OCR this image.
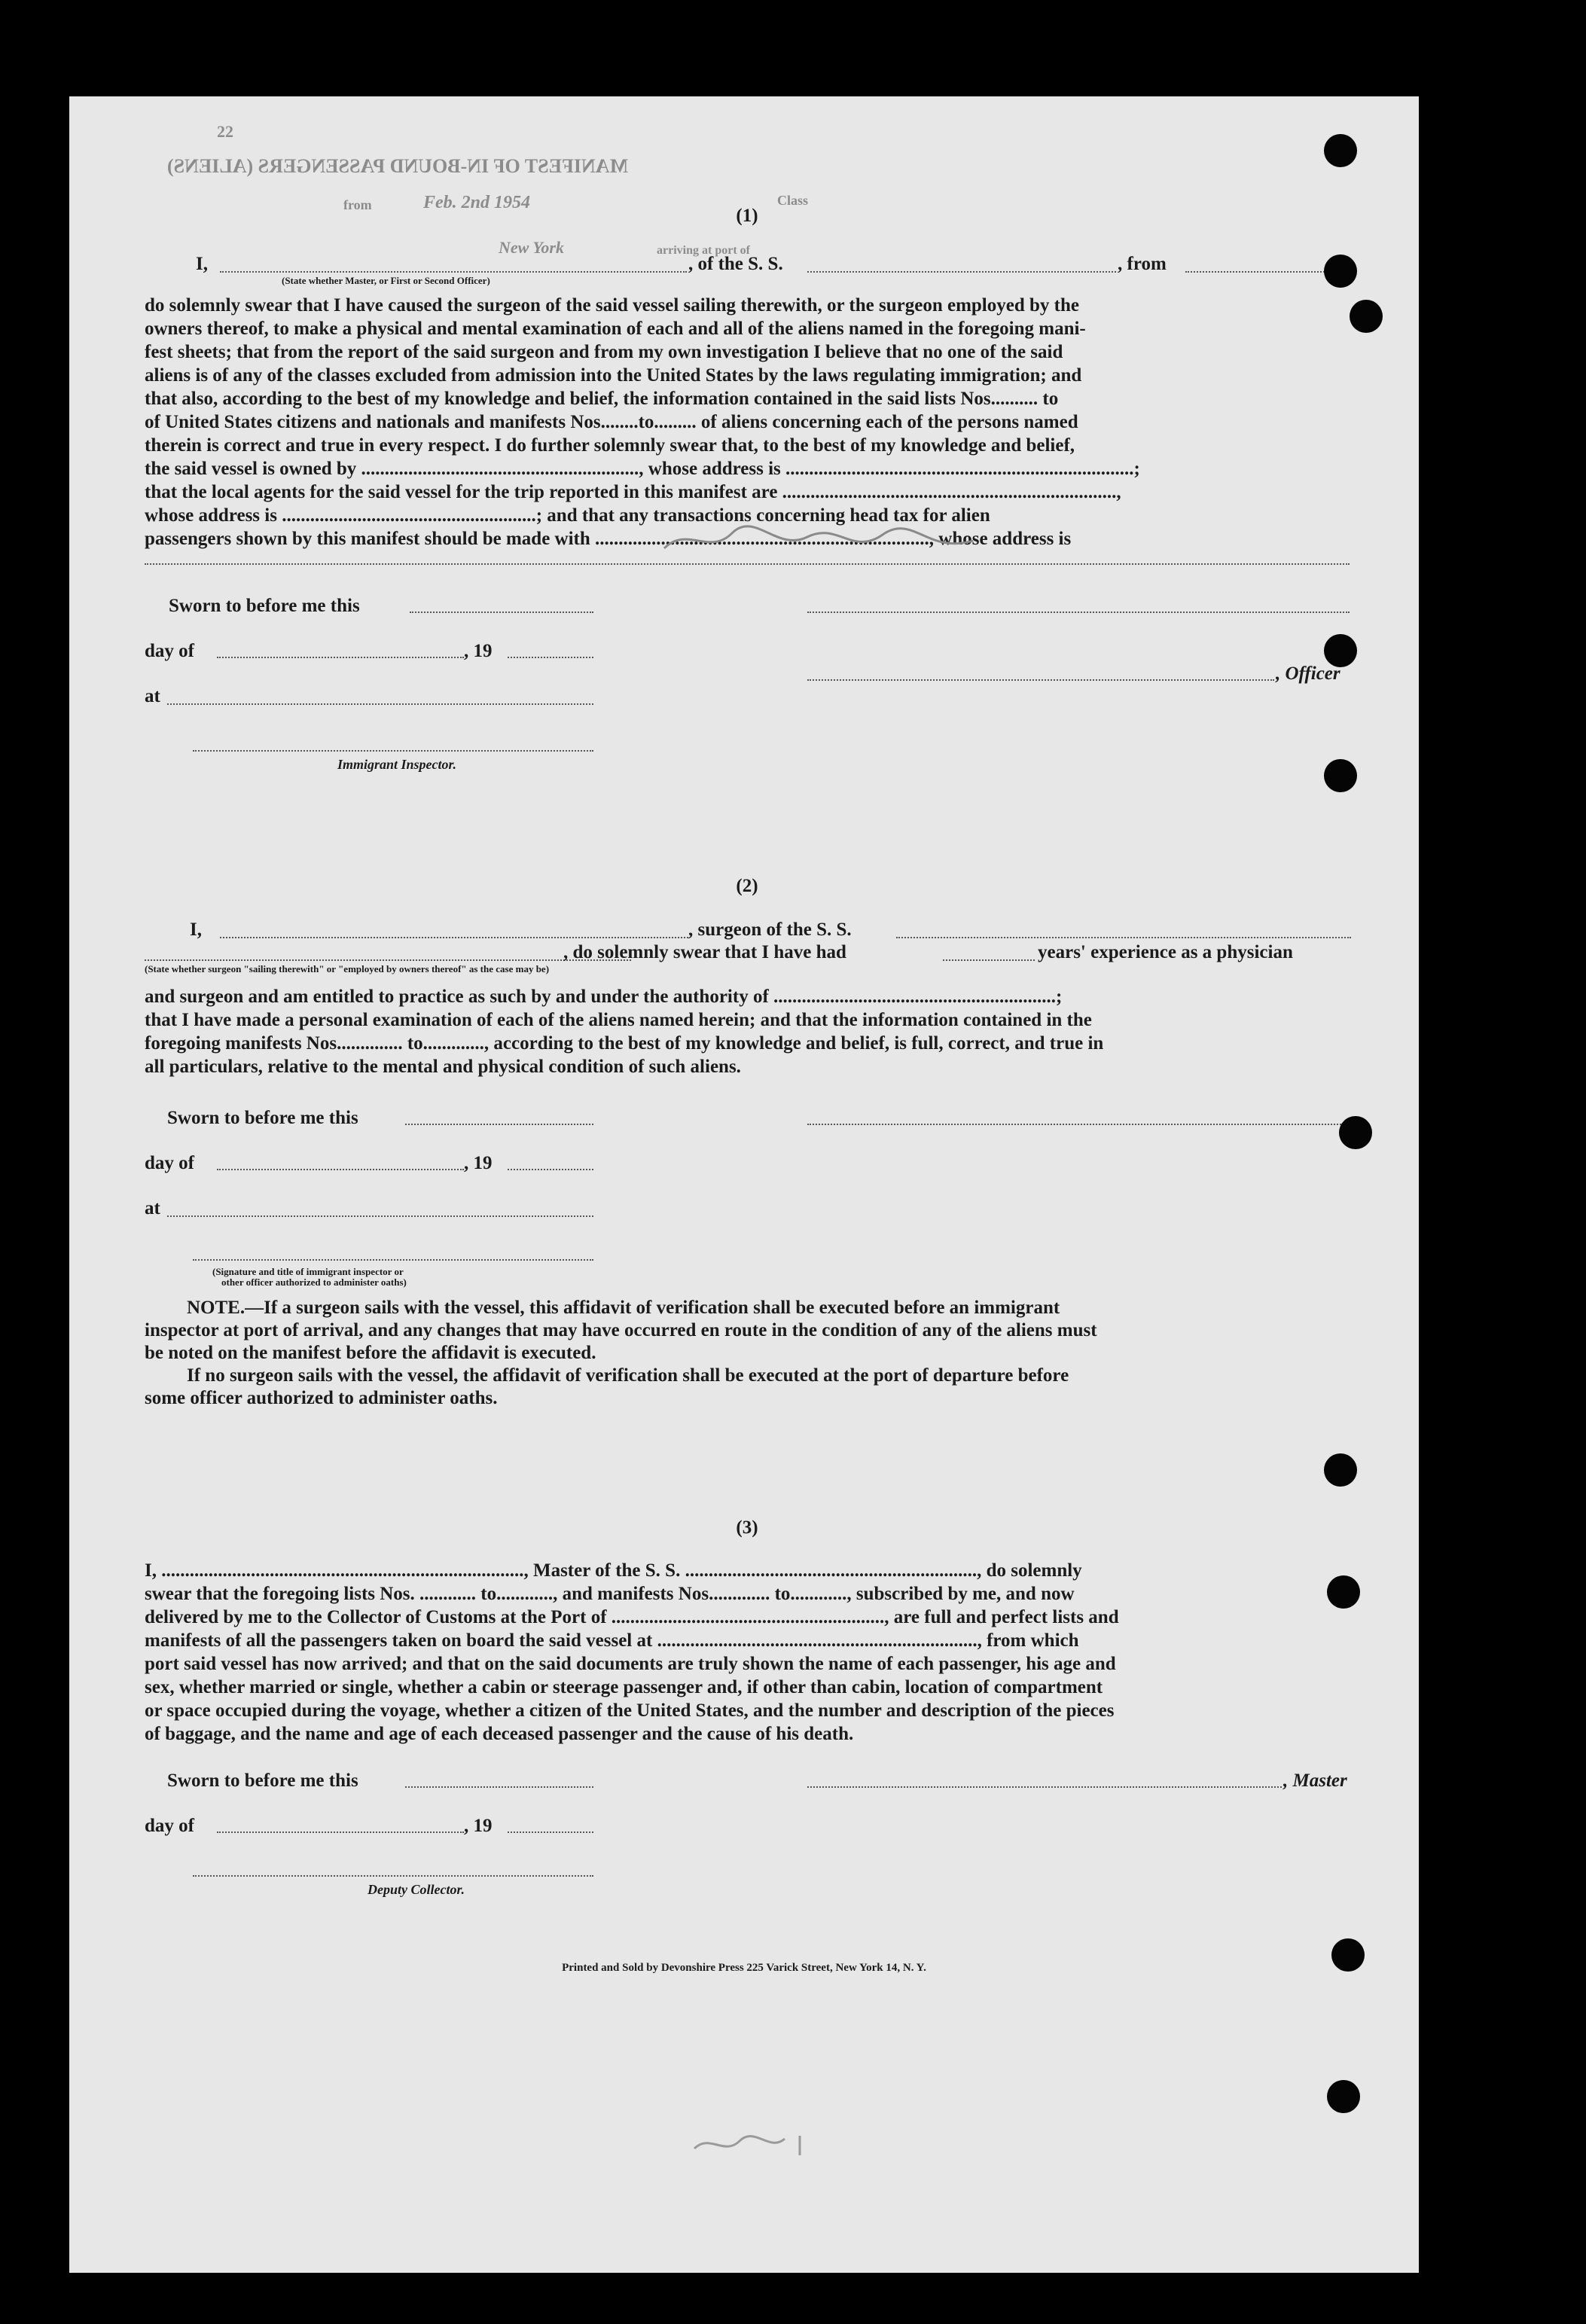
MANIFEST OF IN-BOUND PASSENGERS (ALIENS)
22
Class
from	Feb. 2nd 1954
New York	arriving at port of
(1)
I,
(State whether Master, or First or Second Officer)
, of the S. S.	, from
do solemnly swear that I have caused the surgeon of the said vessel sailing therewith, or the surgeon employed by the
owners thereof, to make a physical and mental examination of each and all of the aliens named in the foregoing mani-
fest sheets; that from the report of the said surgeon and from my own investigation I believe that no one of the said
aliens is of any of the classes excluded from admission into the United States by the laws regulating immigration; and
that also, according to the best of my knowledge and belief, the information contained in the said lists Nos.......... to
of United States citizens and nationals and manifests Nos........to......... of aliens concerning each of the persons named
therein is correct and true in every respect. I do further solemnly swear that, to the best of my knowledge and belief,
the said vessel is owned by ..........................................................., whose address is ..........................................................................;
that the local agents for the said vessel for the trip reported in this manifest are .......................................................................,
whose address is ......................................................; and that any transactions concerning head tax for alien
passengers shown by this manifest should be made with ......................................................................., whose address is
Sworn to before me this
day of	, 19
, Officer
at
Immigrant Inspector.
(2)
I,	, surgeon of the S. S.
, do solemnly swear that I have had	years' experience as a physician
(State whether surgeon "sailing therewith" or "employed by owners thereof" as the case may be)
and surgeon and am entitled to practice as such by and under the authority of ............................................................;
that I have made a personal examination of each of the aliens named herein; and that the information contained in the
foregoing manifests Nos.............. to............., according to the best of my knowledge and belief, is full, correct, and true in
all particulars, relative to the mental and physical condition of such aliens.
Sworn to before me this
day of	, 19
at
(Signature and title of immigrant inspector or
other officer authorized to administer oaths)
NOTE.—If a surgeon sails with the vessel, this affidavit of verification shall be executed before an immigrant
inspector at port of arrival, and any changes that may have occurred en route in the condition of any of the aliens must
be noted on the manifest before the affidavit is executed.
If no surgeon sails with the vessel, the affidavit of verification shall be executed at the port of departure before
some officer authorized to administer oaths.
(3)
I, ............................................................................., Master of the S. S. .............................................................., do solemnly
swear that the foregoing lists Nos. ............ to............, and manifests Nos............. to............, subscribed by me, and now
delivered by me to the Collector of Customs at the Port of .........................................................., are full and perfect lists and
manifests of all the passengers taken on board the said vessel at ...................................................................., from which
port said vessel has now arrived; and that on the said documents are truly shown the name of each passenger, his age and
sex, whether married or single, whether a cabin or steerage passenger and, if other than cabin, location of compartment
or space occupied during the voyage, whether a citizen of the United States, and the number and description of the pieces
of baggage, and the name and age of each deceased passenger and the cause of his death.
Sworn to before me this	, Master
day of	, 19
Deputy Collector.
Printed and Sold by Devonshire Press 225 Varick Street, New York 14, N. Y.
